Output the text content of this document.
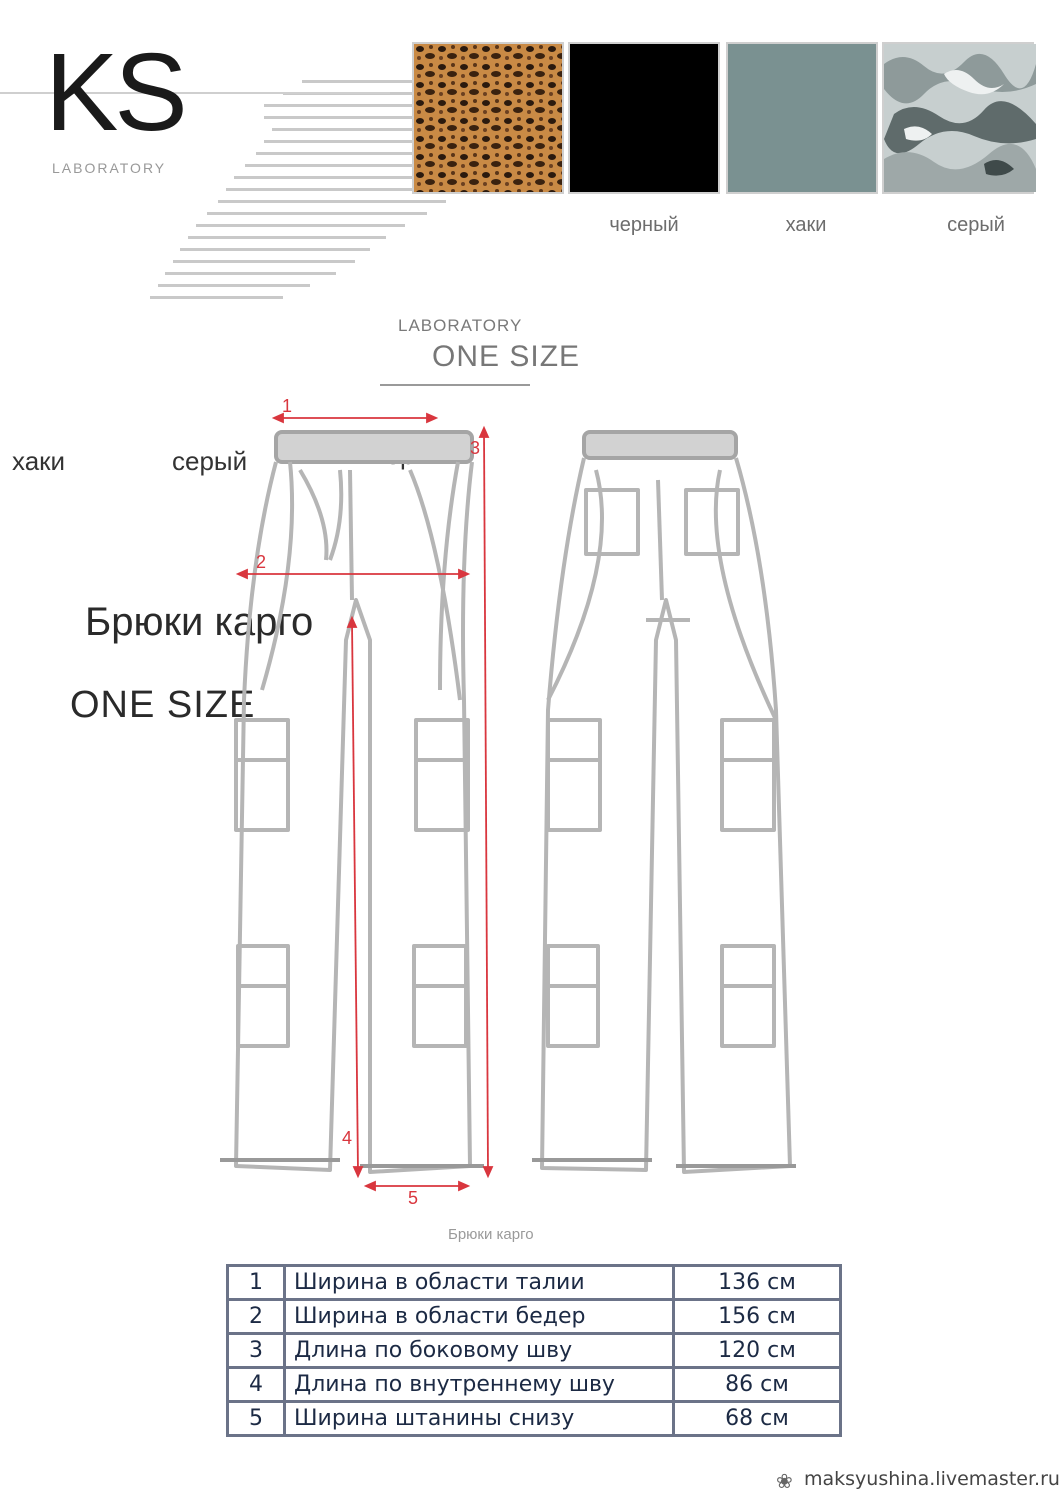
KS
LABORATORY
черный	хаки	серый
LABORATORY
ONE SIZE
хаки	серый
Брюки карго
ONE SIZE
1
2
3
4
5
Брюки карго
1	Ширина в области талии	136 см
2	Ширина в области бедер	156 см
3	Длина по боковому шву	120 см
4	Длина по внутреннему шву	86 см
5	Ширина штанины снизу	68 см
❀ maksyushina.livemaster.ru
